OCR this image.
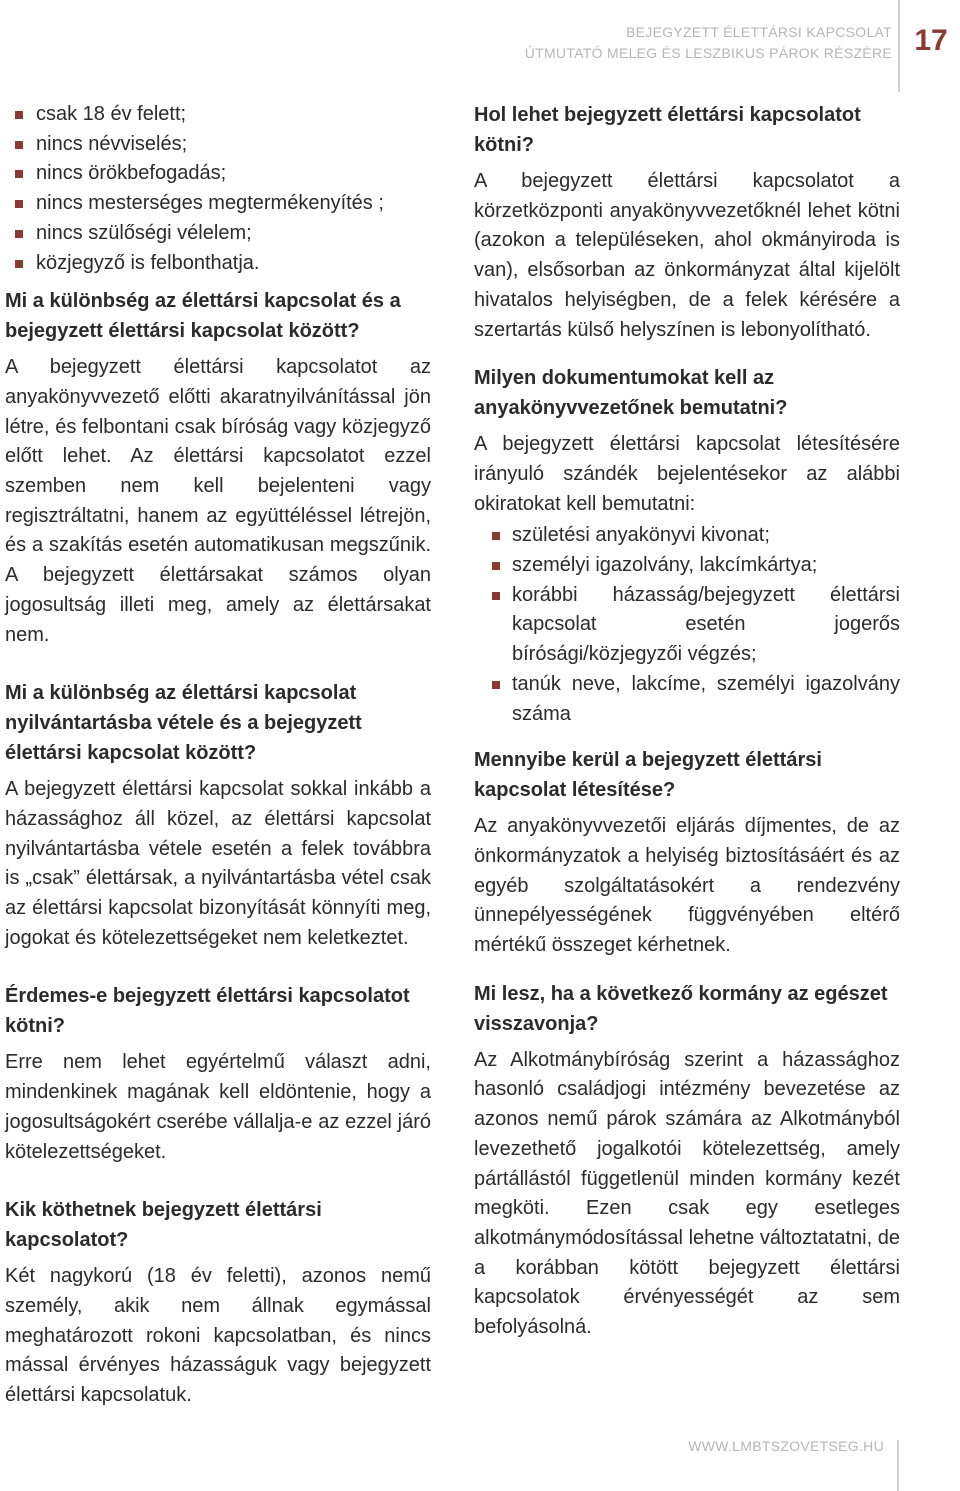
BEJEGYZETT ÉLETTÁRSI KAPCSOLAT
ÚTMUTATÓ MELEG ÉS LESZBIKUS PÁROK RÉSZÉRE 17
csak 18 év felett;
nincs névviselés;
nincs örökbefogadás;
nincs mesterséges megtermékenyítés ;
nincs szülőségi vélelem;
közjegyző is felbonthatja.
Mi a különbség az élettársi kapcsolat és a bejegyzett élettársi kapcsolat között?

A bejegyzett élettársi kapcsolatot az anyakönyvvezető előtti akaratnyilvánítással jön létre, és felbontani csak bíróság vagy közjegyző előtt lehet. Az élettársi kapcsolatot ezzel szemben nem kell bejelenteni vagy regisztráltatni, hanem az együttéléssel létrejön, és a szakítás esetén automatikusan megszűnik. A bejegyzett élettársakat számos olyan jogosultság illeti meg, amely az élettársakat nem.

Mi a különbség az élettársi kapcsolat nyilvántartásba vétele és a bejegyzett élettársi kapcsolat között?

A bejegyzett élettársi kapcsolat sokkal inkább a házassághoz áll közel, az élettársi kapcsolat nyilvántartásba vétele esetén a felek továbbra is „csak” élettársak, a nyilvántartásba vétel csak az élettársi kapcsolat bizonyítását könnyíti meg, jogokat és kötelezettségeket nem keletkeztet.

Érdemes-e bejegyzett élettársi kapcsolatot kötni?

Erre nem lehet egyértelmű választ adni, mindenkinek magának kell eldöntenie, hogy a jogosultságokért cserébe vállalja-e az ezzel járó kötelezettségeket.

Kik köthetnek bejegyzett élettársi kapcsolatot?

Két nagykorú (18 év feletti), azonos nemű személy, akik nem állnak egymással meghatározott rokoni kapcsolatban, és nincs mással érvényes házasságuk vagy bejegyzett élettársi kapcsolatuk.

Hol lehet bejegyzett élettársi kapcsolatot kötni?

A bejegyzett élettársi kapcsolatot a körzetközponti anyakönyvvezetőknél lehet kötni (azokon a településeken, ahol okmányiroda is van), elsősorban az önkormányzat által kijelölt hivatalos helyiségben, de a felek kérésére a szertartás külső helyszínen is lebonyolítható.

Milyen dokumentumokat kell az anyakönyvvezetőnek bemutatni?

A bejegyzett élettársi kapcsolat létesítésére irányuló szándék bejelentésekor az alábbi okiratokat kell bemutatni:

születési anyakönyvi kivonat;
személyi igazolvány, lakcímkártya;
korábbi házasság/bejegyzett élettársi kapcsolat esetén jogerős bírósági/közjegyzői végzés;
tanúk neve, lakcíme, személyi igazolvány száma
Mennyibe kerül a bejegyzett élettársi kapcsolat létesítése?

Az anyakönyvvezetői eljárás díjmentes, de az önkormányzatok a helyiség biztosításáért és az egyéb szolgáltatásokért a rendezvény ünnepélyességének függvényében eltérő mértékű összeget kérhetnek.

Mi lesz, ha a következő kormány az egészet visszavonja?

Az Alkotmánybíróság szerint a házassághoz hasonló családjogi intézmény bevezetése az azonos nemű párok számára az Alkotmányból levezethető jogalkotói kötelezettség, amely pártállástól függetlenül minden kormány kezét megköti. Ezen csak egy esetleges alkotmánymódosítással lehetne változtatatni, de a korábban kötött bejegyzett élettársi kapcsolatok érvényességét az sem befolyásolná.

WWW.LMBTSZOVETSEG.HU
